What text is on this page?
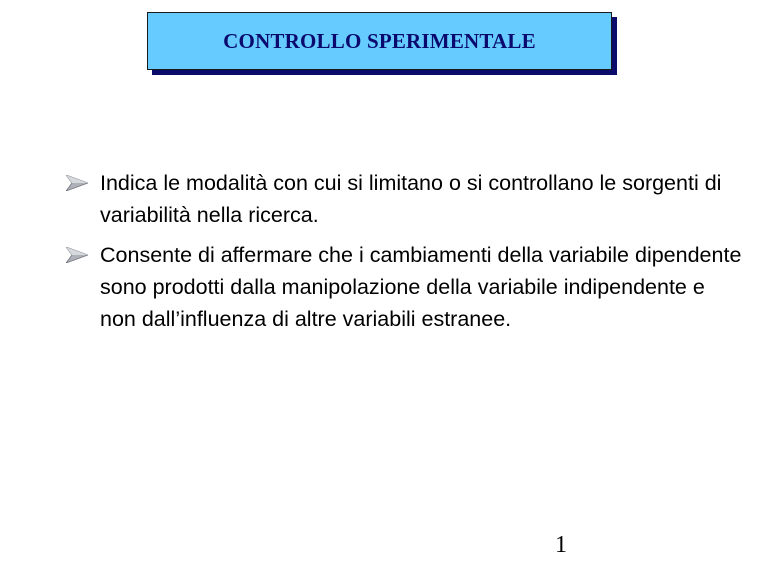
CONTROLLO SPERIMENTALE
Indica le modalità con cui si limitano o si controllano le sorgenti di variabilità nella ricerca.
Consente di affermare che i cambiamenti della variabile dipendente sono prodotti dalla manipolazione della variabile indipendente e non dall’influenza di altre variabili estranee.
1
